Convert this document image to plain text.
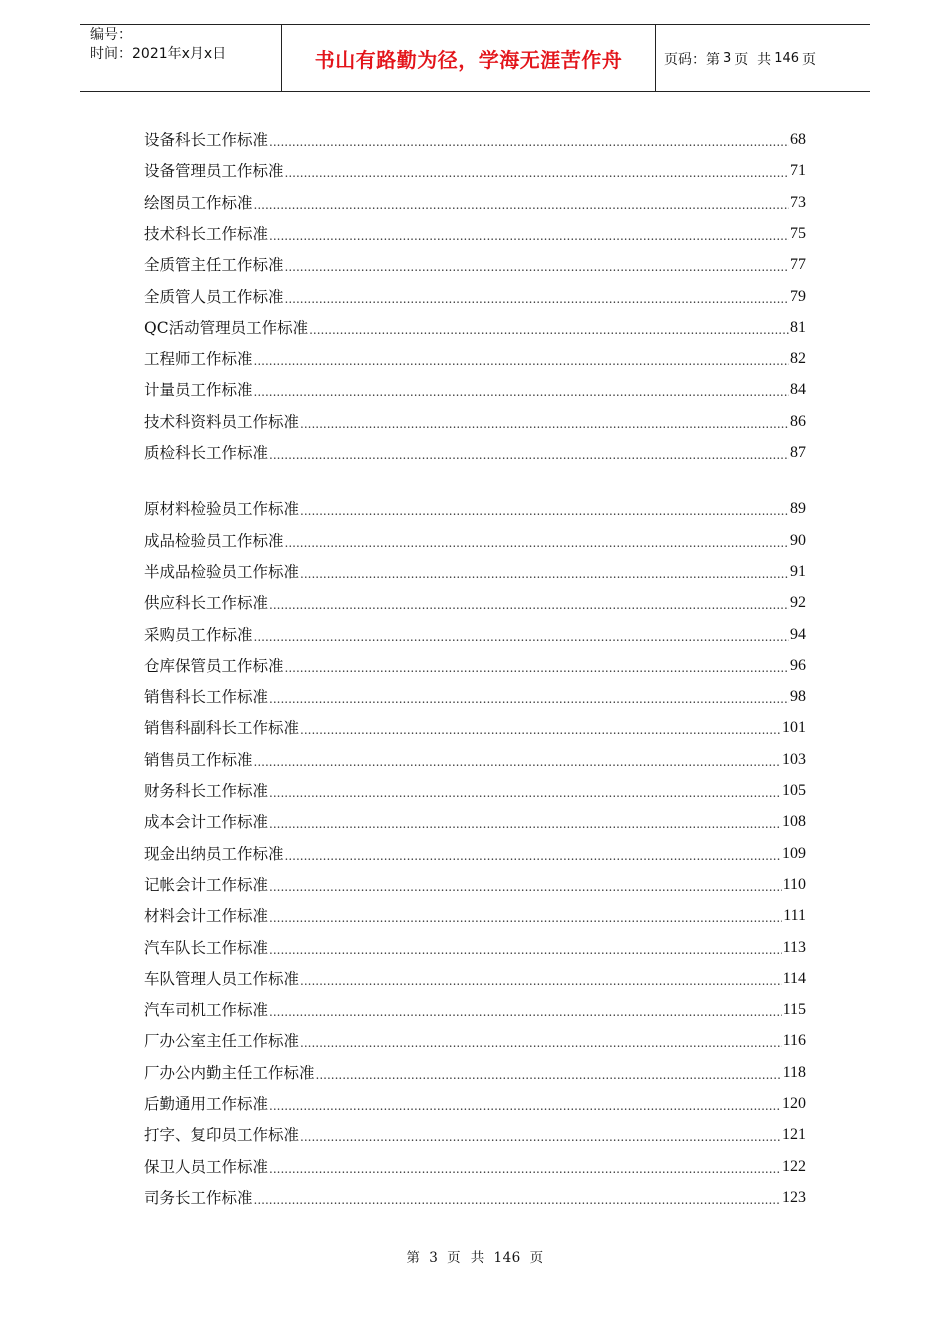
编号：
时间：2021年x月x日	书山有路勤为径，学海无涯苦作舟	页码：第 3 页  共 146 页
设备科长工作标准 .....	68
设备管理员工作标准 .....	71
绘图员工作标准 .....	73
技术科长工作标准 .....	75
全质管主任工作标准 .....	77
全质管人员工作标准 .....	79
QC活动管理员工作标准 .....	81
工程师工作标准 .....	82
计量员工作标准 .....	84
技术科资料员工作标准 .....	86
质检科长工作标准 .....	87
原材料检验员工作标准 .....	89
成品检验员工作标准 .....	90
半成品检验员工作标准 .....	91
供应科长工作标准 .....	92
采购员工作标准 .....	94
仓库保管员工作标准 .....	96
销售科长工作标准 .....	98
销售科副科长工作标准 .....	101
销售员工作标准 .....	103
财务科长工作标准 .....	105
成本会计工作标准 .....	108
现金出纳员工作标准 .....	109
记帐会计工作标准 .....	110
材料会计工作标准 .....	111
汽车队长工作标准 .....	113
车队管理人员工作标准 .....	114
汽车司机工作标准 .....	115
厂办公室主任工作标准 .....	116
厂办公内勤主任工作标准 .....	118
后勤通用工作标准 .....	120
打字、复印员工作标准 .....	121
保卫人员工作标准 .....	122
司务长工作标准 .....	123
第 3 页  共 146 页
